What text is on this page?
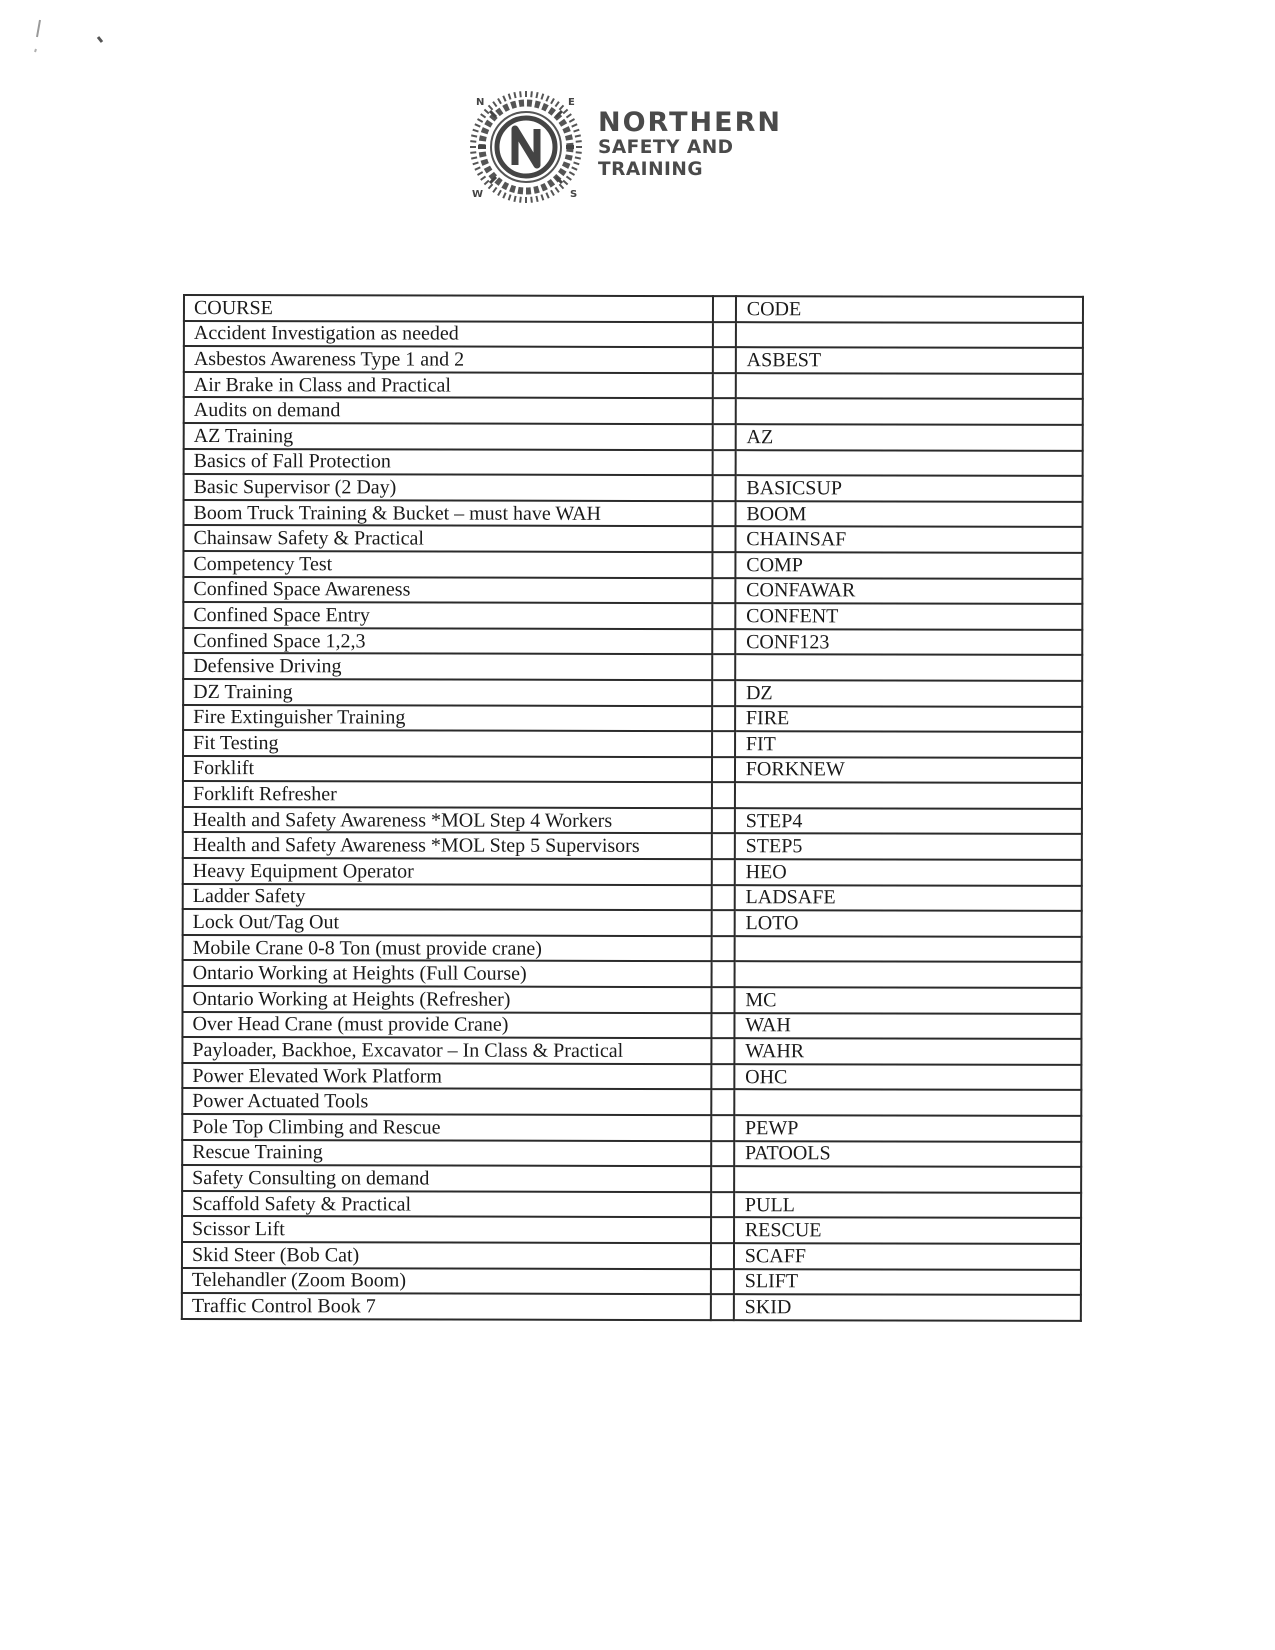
N	E
W	S
NORTHERN
SAFETY AND
TRAINING
COURSE		CODE
Accident Investigation as needed		
Asbestos Awareness Type 1 and 2		ASBEST
Air Brake in Class and Practical		
Audits on demand		
AZ Training		AZ
Basics of Fall Protection		
Basic Supervisor (2 Day)		BASICSUP
Boom Truck Training & Bucket – must have WAH		BOOM
Chainsaw Safety & Practical		CHAINSAF
Competency Test		COMP
Confined Space Awareness		CONFAWAR
Confined Space Entry		CONFENT
Confined Space 1,2,3		CONF123
Defensive Driving		
DZ Training		DZ
Fire Extinguisher Training		FIRE
Fit Testing		FIT
Forklift		FORKNEW
Forklift Refresher		
Health and Safety Awareness *MOL Step 4 Workers		STEP4
Health and Safety Awareness *MOL Step 5 Supervisors		STEP5
Heavy Equipment Operator		HEO
Ladder Safety		LADSAFE
Lock Out/Tag Out		LOTO
Mobile Crane 0-8 Ton (must provide crane)		
Ontario Working at Heights (Full Course)		
Ontario Working at Heights (Refresher)		MC
Over Head Crane (must provide Crane)		WAH
Payloader, Backhoe, Excavator – In Class & Practical		WAHR
Power Elevated Work Platform		OHC
Power Actuated Tools		
Pole Top Climbing and Rescue		PEWP
Rescue Training		PATOOLS
Safety Consulting on demand		
Scaffold Safety & Practical		PULL
Scissor Lift		RESCUE
Skid Steer (Bob Cat)		SCAFF
Telehandler (Zoom Boom)		SLIFT
Traffic Control Book 7		SKID
